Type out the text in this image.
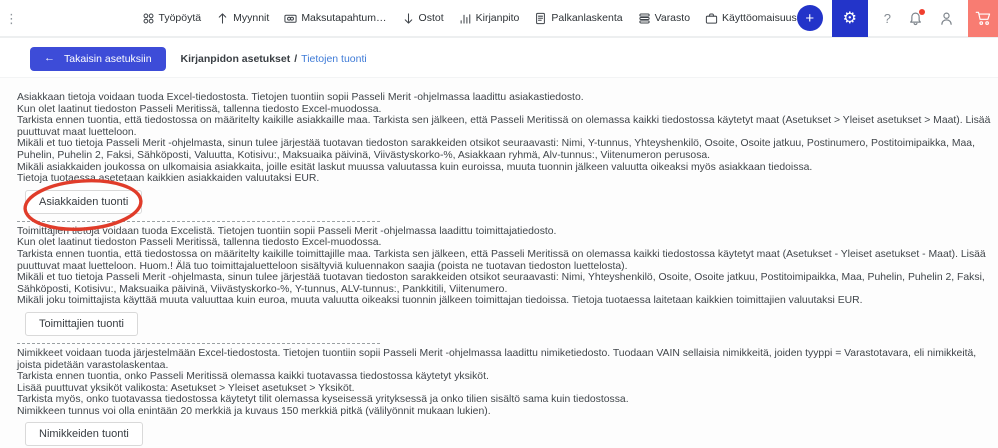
⋮	Työpöytä	Myynnit	Maksutapahtum…	Ostot	Kirjanpito	Palkanlaskenta	Varasto	Käyttöomaisuus + ⚙ ?
← Takaisin asetuksiin	Kirjanpidon asetukset / Tietojen tuonti
Asiakkaan tietoja voidaan tuoda Excel-tiedostosta. Tietojen tuontiin sopii Passeli Merit -ohjelmassa laadittu asiakastiedosto.
Kun olet laatinut tiedoston Passeli Meritissä, tallenna tiedosto Excel-muodossa.
Tarkista ennen tuontia, että tiedostossa on määritelty kaikille asiakkaille maa. Tarkista sen jälkeen, että Passeli Meritissä on olemassa kaikki tiedostossa käytetyt maat (Asetukset > Yleiset asetukset > Maat). Lisää puuttuvat maat luetteloon.
Mikäli et tuo tietoja Passeli Merit -ohjelmasta, sinun tulee järjestää tuotavan tiedoston sarakkeiden otsikot seuraavasti: Nimi, Y-tunnus, Yhteyshenkilö, Osoite, Osoite jatkuu, Postinumero, Postitoimipaikka, Maa, Puhelin, Puhelin 2, Faksi, Sähköposti, Valuutta, Kotisivu:, Maksuaika päivinä, Viivästyskorko-%, Asiakkaan ryhmä, Alv-tunnus:, Viitenumeron perusosa.
Mikäli asiakkaiden joukossa on ulkomaisia asiakkaita, joille esität laskut muussa valuutassa kuin euroissa, muuta tuonnin jälkeen valuutta oikeaksi myös asiakkaan tiedoissa.
Tietoja tuotaessa asetetaan kaikkien asiakkaiden valuutaksi EUR.
Asiakkaiden tuonti
Toimittajien tietoja voidaan tuoda Excelistä. Tietojen tuontiin sopii Passeli Merit -ohjelmassa laadittu toimittajatiedosto.
Kun olet laatinut tiedoston Passeli Meritissä, tallenna tiedosto Excel-muodossa.
Tarkista ennen tuontia, että tiedostossa on määritelty kaikille toimittajille maa. Tarkista sen jälkeen, että Passeli Meritissä on olemassa kaikki tiedostossa käytetyt maat (Asetukset - Yleiset asetukset - Maat). Lisää puuttuvat maat luetteloon. Huom.! Älä tuo toimittajaluetteloon sisältyviä kuluennakon saajia (poista ne tuotavan tiedoston luettelosta).
Mikäli et tuo tietoja Passeli Merit -ohjelmasta, sinun tulee järjestää tuotavan tiedoston sarakkeiden otsikot seuraavasti: Nimi, Yhteyshenkilö, Osoite, Osoite jatkuu, Postitoimipaikka, Maa, Puhelin, Puhelin 2, Faksi, Sähköposti, Kotisivu:, Maksuaika päivinä, Viivästyskorko-%, Y-tunnus, ALV-tunnus:, Pankkitili, Viitenumero.
Mikäli joku toimittajista käyttää muuta valuuttaa kuin euroa, muuta valuutta oikeaksi tuonnin jälkeen toimittajan tiedoissa. Tietoja tuotaessa laitetaan kaikkien toimittajien valuutaksi EUR.
Toimittajien tuonti
Nimikkeet voidaan tuoda järjestelmään Excel-tiedostosta. Tietojen tuontiin sopii Passeli Merit -ohjelmassa laadittu nimiketiedosto. Tuodaan VAIN sellaisia nimikkeitä, joiden tyyppi = Varastotavara, eli nimikkeitä, joista pidetään varastolaskentaa.
Tarkista ennen tuontia, onko Passeli Meritissä olemassa kaikki tuotavassa tiedostossa käytetyt yksiköt.
Lisää puuttuvat yksiköt valikosta: Asetukset > Yleiset asetukset > Yksiköt.
Tarkista myös, onko tuotavassa tiedostossa käytetyt tilit olemassa kyseisessä yrityksessä ja onko tilien sisältö sama kuin tiedostossa.
Nimikkeen tunnus voi olla enintään 20 merkkiä ja kuvaus 150 merkkiä pitkä (välilyönnit mukaan lukien).
Nimikkeiden tuonti
